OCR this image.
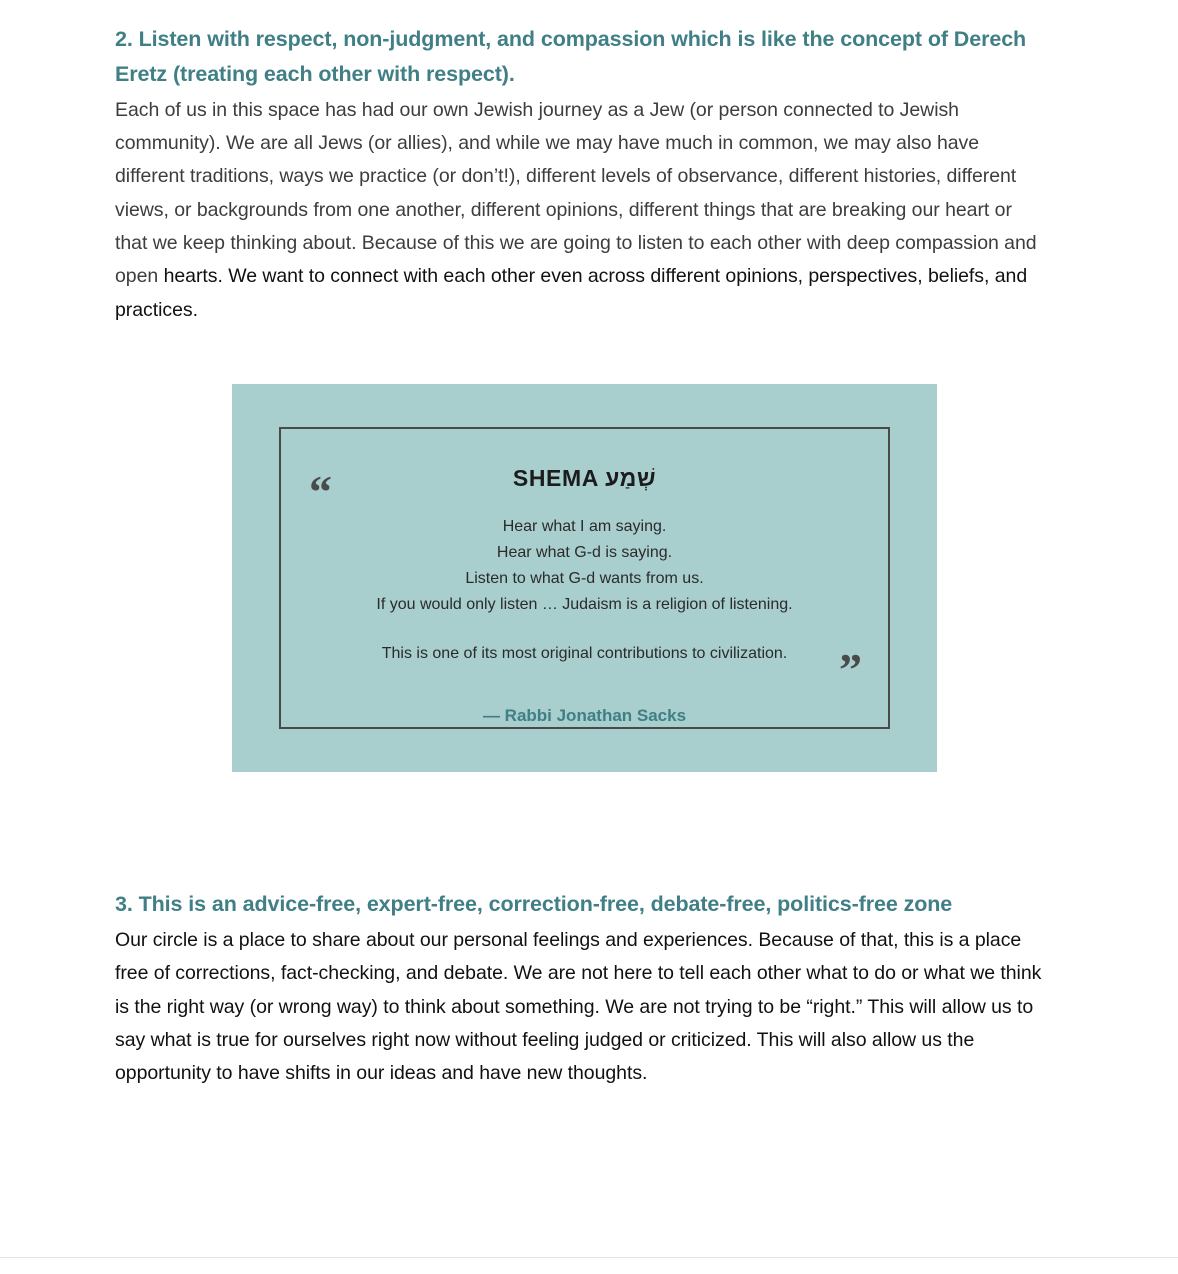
2. Listen with respect, non-judgment, and compassion which is like the concept of Derech Eretz (treating each other with respect).

Each of us in this space has had our own Jewish journey as a Jew (or person connected to Jewish community). We are all Jews (or allies), and while we may have much in common, we may also have different traditions, ways we practice (or don’t!), different levels of observance, different histories, different views, or backgrounds from one another, different opinions, different things that are breaking our heart or that we keep thinking about. Because of this we are going to listen to each other with deep compassion and open hearts. We want to connect with each other even across different opinions, perspectives, beliefs, and practices.

“
”
SHEMA שְׁמַע
Hear what I am saying.
Hear what G-d is saying.
Listen to what G-d wants from us.
If you would only listen … Judaism is a religion of listening.
This is one of its most original contributions to civilization.
— Rabbi Jonathan Sacks
3. This is an advice-free, expert-free, correction-free, debate-free, politics-free zone

Our circle is a place to share about our personal feelings and experiences. Because of that, this is a place free of corrections, fact-checking, and debate. We are not here to tell each other what to do or what we think is the right way (or wrong way) to think about something. We are not trying to be “right.” This will allow us to say what is true for ourselves right now without feeling judged or criticized. This will also allow us the opportunity to have shifts in our ideas and have new thoughts.
